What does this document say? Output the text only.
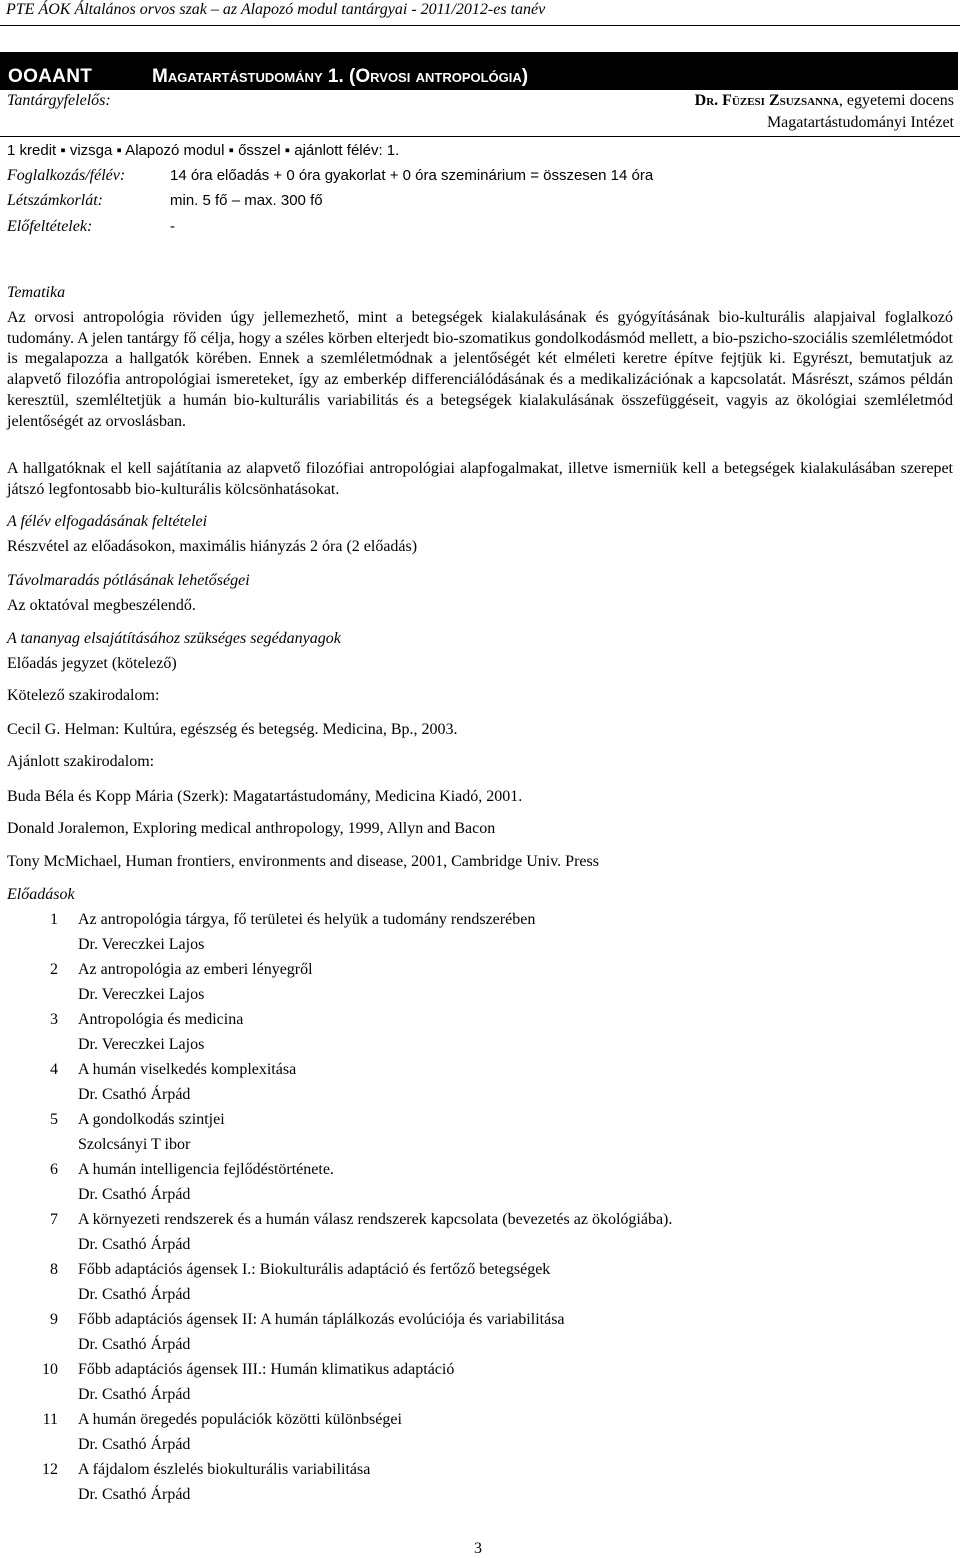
PTE ÁOK Általános orvos szak – az Alapozó modul tantárgyai - 2011/2012-es tanév
OOAANT	Magatartástudomány 1. (Orvosi antropológia)
Tantárgyfelelős:	Dr. Füzesi Zsuzsanna, egyetemi docens
Magatartástudományi Intézet
1 kredit ▪ vizsga ▪ Alapozó modul ▪ ősszel ▪ ajánlott félév: 1.
Foglalkozás/félév:	14 óra előadás + 0 óra gyakorlat + 0 óra szeminárium = összesen 14 óra
Létszámkorlát:	min. 5 fő – max. 300 fő
Előfeltételek:	-
Tematika
Az orvosi antropológia röviden úgy jellemezhető, mint a betegségek kialakulásának és gyógyításának bio-kulturális alapjaival foglalkozó tudomány. A jelen tantárgy fő célja, hogy a széles körben elterjedt bio-szomatikus gondolkodásmód mellett, a bio-pszicho-szociális szemléletmódot is megalapozza a hallgatók körében. Ennek a szemléletmódnak a jelentőségét két elméleti keretre építve fejtjük ki. Egyrészt, bemutatjuk az alapvető filozófia antropológiai ismereteket, így az emberkép differenciálódásának és a medikalizációnak a kapcsolatát. Másrészt, számos példán keresztül, szemléltetjük a humán bio-kulturális variabilitás és a betegségek kialakulásának összefüggéseit, vagyis az ökológiai szemléletmód jelentőségét az orvoslásban.
A hallgatóknak el kell sajátítania az alapvető filozófiai antropológiai alapfogalmakat, illetve ismerniük kell a betegségek kialakulásában szerepet játszó legfontosabb bio-kulturális kölcsönhatásokat.
A félév elfogadásának feltételei
Részvétel az előadásokon, maximális hiányzás 2 óra (2 előadás)
Távolmaradás pótlásának lehetőségei
Az oktatóval megbeszélendő.
A tananyag elsajátításához szükséges segédanyagok
Előadás jegyzet (kötelező)
Kötelező szakirodalom:
Cecil G. Helman: Kultúra, egészség és betegség. Medicina, Bp., 2003.
Ajánlott szakirodalom:
Buda Béla és Kopp Mária (Szerk): Magatartástudomány, Medicina Kiadó, 2001.
Donald Joralemon, Exploring medical anthropology, 1999, Allyn and Bacon
Tony McMichael, Human frontiers, environments and disease, 2001, Cambridge Univ. Press
Előadások
1 Az antropológia tárgya, fő területei és helyük a tudomány rendszerében
Dr. Vereczkei Lajos
2 Az antropológia az emberi lényegről
Dr. Vereczkei Lajos
3 Antropológia és medicina
Dr. Vereczkei Lajos
4 A humán viselkedés komplexitása
Dr. Csathó Árpád
5 A gondolkodás szintjei
Szolcsányi T ibor
6 A humán intelligencia fejlődéstörténete.
Dr. Csathó Árpád
7 A környezeti rendszerek és a humán válasz rendszerek kapcsolata (bevezetés az ökológiába).
Dr. Csathó Árpád
8 Főbb adaptációs ágensek I.: Biokulturális adaptáció és fertőző betegségek
Dr. Csathó Árpád
9 Főbb adaptációs ágensek II: A humán táplálkozás evolúciója és variabilitása
Dr. Csathó Árpád
10 Főbb adaptációs ágensek III.: Humán klimatikus adaptáció
Dr. Csathó Árpád
11 A humán öregedés populációk közötti különbségei
Dr. Csathó Árpád
12 A fájdalom észlelés biokulturális variabilitása
Dr. Csathó Árpád
3
